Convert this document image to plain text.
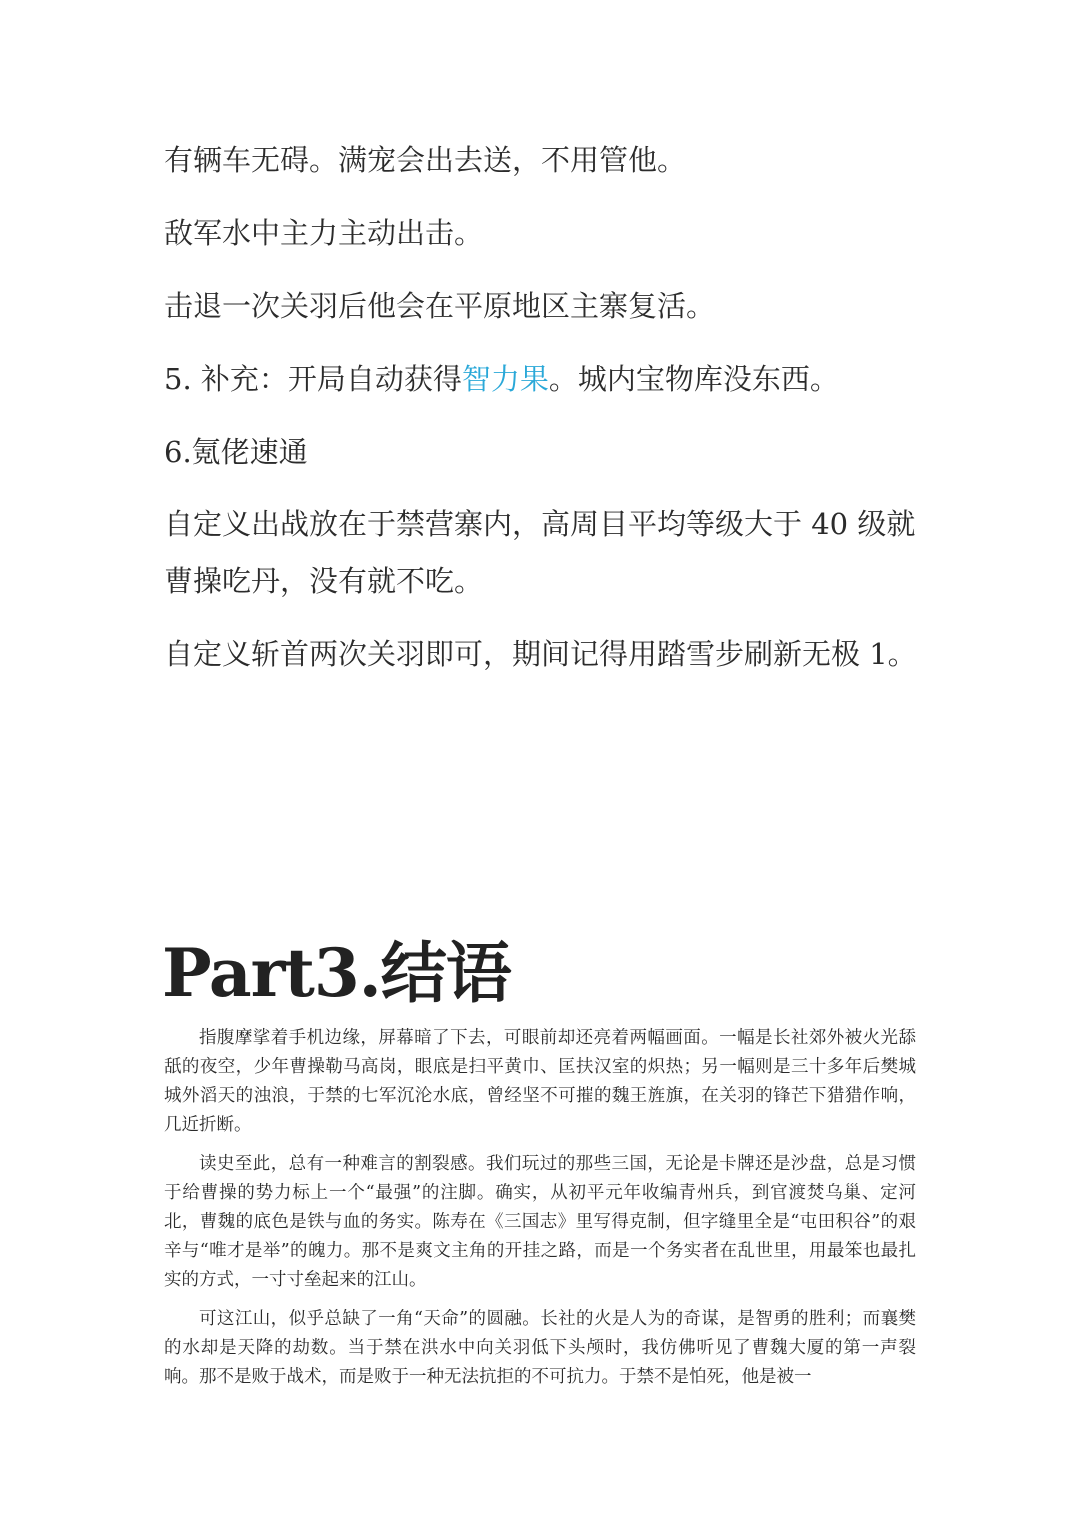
有辆车无碍。满宠会出去送，不用管他。

敌军水中主力主动出击。

击退一次关羽后他会在平原地区主寨复活。

5. 补充：开局自动获得智力果。城内宝物库没东西。

6.氪佬速通

自定义出战放在于禁营寨内，高周目平均等级大于 40 级就曹操吃丹，没有就不吃。

自定义斩首两次关羽即可，期间记得用踏雪步刷新无极 1。

Part3.结语

指腹摩挲着手机边缘，屏幕暗了下去，可眼前却还亮着两幅画面。一幅是长社郊外被火光舔舐的夜空，少年曹操勒马高岗，眼底是扫平黄巾、匡扶汉室的炽热；另一幅则是三十多年后樊城城外滔天的浊浪，于禁的七军沉沦水底，曾经坚不可摧的魏王旌旗，在关羽的锋芒下猎猎作响，几近折断。

读史至此，总有一种难言的割裂感。我们玩过的那些三国，无论是卡牌还是沙盘，总是习惯于给曹操的势力标上一个“最强”的注脚。确实，从初平元年收编青州兵，到官渡焚乌巢、定河北，曹魏的底色是铁与血的务实。陈寿在《三国志》里写得克制，但字缝里全是“屯田积谷”的艰辛与“唯才是举”的魄力。那不是爽文主角的开挂之路，而是一个务实者在乱世里，用最笨也最扎实的方式，一寸寸垒起来的江山。

可这江山，似乎总缺了一角“天命”的圆融。长社的火是人为的奇谋，是智勇的胜利；而襄樊的水却是天降的劫数。当于禁在洪水中向关羽低下头颅时，我仿佛听见了曹魏大厦的第一声裂响。那不是败于战术，而是败于一种无法抗拒的不可抗力。于禁不是怕死，他是被一
